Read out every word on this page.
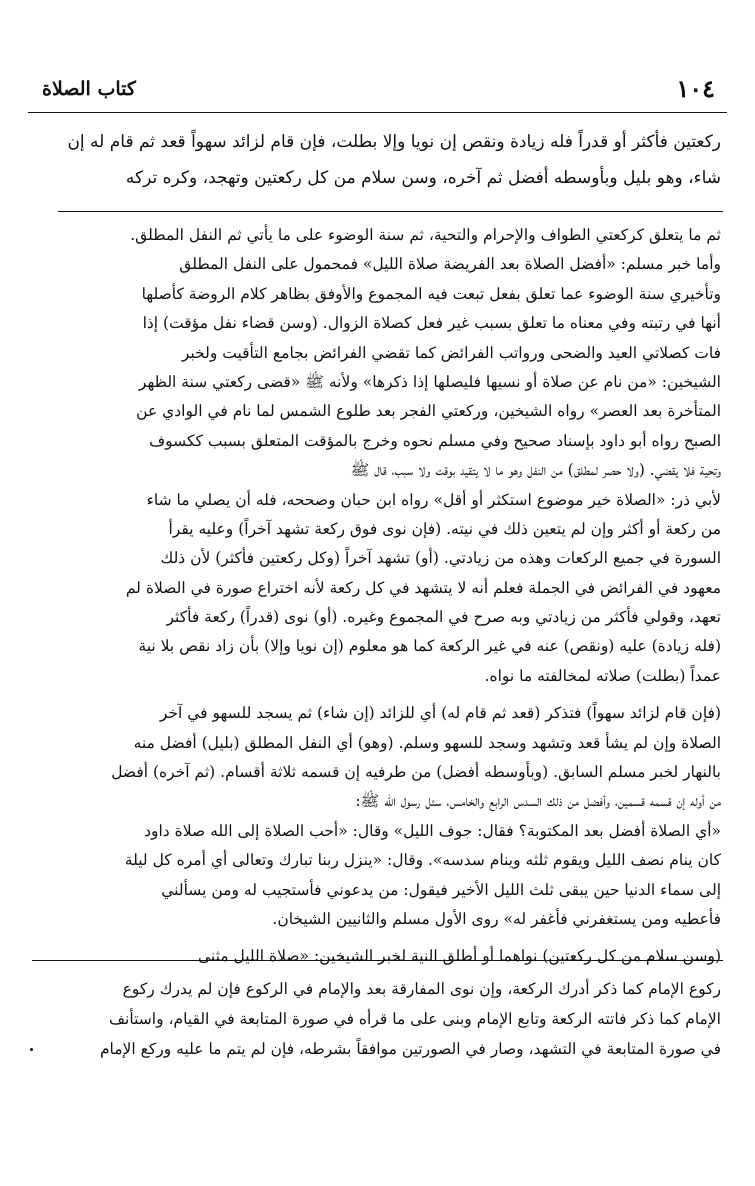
١٠٤
كتاب الصلاة
ركعتين فأكثر أو قدراً فله زيادة ونقص إن نويا وإلا بطلت، فإن قام لزائد سهواً قعد ثم قام له إن
شاء، وهو بليل وبأوسطه أفضل ثم آخره، وسن سلام من كل ركعتين وتهجد، وكره تركه
ثم ما يتعلق كركعتي الطواف والإحرام والتحية، ثم سنة الوضوء على ما يأتي ثم النفل المطلق.
وأما خبر مسلم: «أفضل الصلاة بعد الفريضة صلاة الليل» فمحمول على النفل المطلق
وتأخيري سنة الوضوء عما تعلق بفعل تبعت فيه المجموع والأوفق بظاهر كلام الروضة كأصلها
أنها في رتبته وفي معناه ما تعلق بسبب غير فعل كصلاة الزوال. (وسن قضاء نفل مؤقت) إذا
فات كصلاتي العيد والضحى ورواتب الفرائض كما تقضي الفرائض بجامع التأقيت ولخبر
الشيخين: «من نام عن صلاة أو نسيها فليصلها إذا ذكرها» ولأنه ﷺ «قضى ركعتي سنة الظهر
المتأخرة بعد العصر» رواه الشيخين، وركعتي الفجر بعد طلوع الشمس لما نام في الوادي عن
الصبح رواه أبو داود بإسناد صحيح وفي مسلم نحوه وخرج بالمؤقت المتعلق بسبب ككسوف
وتحية فلا يقضي. (ولا حصر لمطلق) من النفل وهو ما لا يتقيد بوقت ولا سبب، قال ﷺ
لأبي ذر: «الصلاة خير موضوع استكثر أو أقل» رواه ابن حبان وصححه، فله أن يصلي ما شاء
من ركعة أو أكثر وإن لم يتعين ذلك في نيته. (فإن نوى فوق ركعة تشهد آخراً) وعليه يقرأ
السورة في جميع الركعات وهذه من زيادتي. (أو) تشهد آخراً (وكل ركعتين فأكثر) لأن ذلك
معهود في الفرائض في الجملة فعلم أنه لا يتشهد في كل ركعة لأنه اختراع صورة في الصلاة لم
تعهد، وقولي فأكثر من زيادتي وبه صرح في المجموع وغيره. (أو) نوى (قدراً) ركعة فأكثر
(فله زيادة) عليه (ونقص) عنه في غير الركعة كما هو معلوم (إن نويا وإلا) بأن زاد نقص بلا نية
عمداً (بطلت) صلاته لمخالفته ما نواه.
(فإن قام لزائد سهواً) فتذكر (قعد ثم قام له) أي للزائد (إن شاء) ثم يسجد للسهو في آخر
الصلاة وإن لم يشأ قعد وتشهد وسجد للسهو وسلم. (وهو) أي النفل المطلق (بليل) أفضل منه
بالنهار لخبر مسلم السابق. (وبأوسطه أفضل) من طرفيه إن قسمه ثلاثة أقسام. (ثم آخره) أفضل
من أوله إن قسمه قسمين، وأفضل من ذلك السدس الرابع والخامس، سئل رسول الله ﷺ:
«أي الصلاة أفضل بعد المكتوبة؟ فقال: جوف الليل» وقال: «أحب الصلاة إلى الله صلاة داود
كان ينام نصف الليل ويقوم ثلثه وينام سدسه». وقال: «ينزل ربنا تبارك وتعالى أي أمره كل ليلة
إلى سماء الدنيا حين يبقى ثلث الليل الأخير فيقول: من يدعوني فأستجيب له ومن يسألني
فأعطيه ومن يستغفرني فأغفر له» روى الأول مسلم والثانيين الشيخان.
(وسن سلام من كل ركعتين) نواهما أو أطلق النية لخبر الشيخين: «صلاة الليل مثنى
ركوع الإمام كما ذكر أدرك الركعة، وإن نوى المفارقة بعد والإمام في الركوع فإن لم يدرك ركوع
الإمام كما ذكر فاتته الركعة وتابع الإمام وبنى على ما قرأه في صورة المتابعة في القيام، واستأنف
في صورة المتابعة في التشهد، وصار في الصورتين موافقاً بشرطه، فإن لم يتم ما عليه وركع الإمام
